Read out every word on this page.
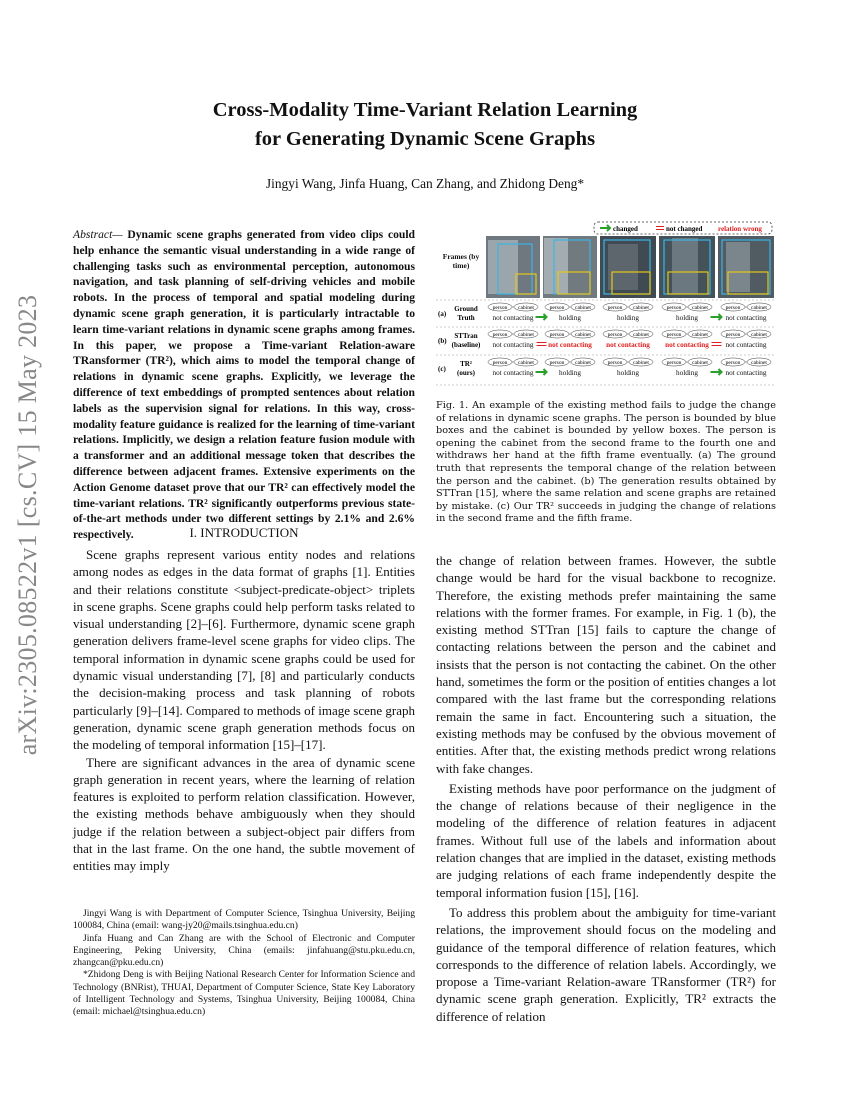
arXiv:2305.08522v1 [cs.CV] 15 May 2023
Cross-Modality Time-Variant Relation Learning
for Generating Dynamic Scene Graphs
Jingyi Wang, Jinfa Huang, Can Zhang, and Zhidong Deng*
Abstract— Dynamic scene graphs generated from video clips could help enhance the semantic visual understanding in a wide range of challenging tasks such as environmental perception, autonomous navigation, and task planning of self-driving vehicles and mobile robots. In the process of temporal and spatial modeling during dynamic scene graph generation, it is particularly intractable to learn time-variant relations in dynamic scene graphs among frames. In this paper, we propose a Time-variant Relation-aware TRansformer (TR²), which aims to model the temporal change of relations in dynamic scene graphs. Explicitly, we leverage the difference of text embeddings of prompted sentences about relation labels as the supervision signal for relations. In this way, cross-modality feature guidance is realized for the learning of time-variant relations. Implicitly, we design a relation feature fusion module with a transformer and an additional message token that describes the difference between adjacent frames. Extensive experiments on the Action Genome dataset prove that our TR² can effectively model the time-variant relations. TR² significantly outperforms previous state-of-the-art methods under two different settings by 2.1% and 2.6% respectively.	I. INTRODUCTION

Scene graphs represent various entity nodes and relations among nodes as edges in the data format of graphs [1]. Entities and their relations constitute <subject-predicate-object> triplets in scene graphs. Scene graphs could help perform tasks related to visual understanding [2]–[6]. Furthermore, dynamic scene graph generation delivers frame-level scene graphs for video clips. The temporal information in dynamic scene graphs could be used for dynamic visual understanding [7], [8] and particularly conducts the decision-making process and task planning of robots particularly [9]–[14]. Compared to methods of image scene graph generation, dynamic scene graph generation methods focus on the modeling of temporal information [15]–[17].

There are significant advances in the area of dynamic scene graph generation in recent years, where the learning of relation features is exploited to perform relation classification. However, the existing methods behave ambiguously when they should judge if the relation between a subject-object pair differs from that in the last frame. On the one hand, the subtle movement of entities may imply

Jingyi Wang is with Department of Computer Science, Tsinghua University, Beijing 100084, China (email: wang-jy20@mails.tsinghua.edu.cn)

Jinfa Huang and Can Zhang are with the School of Electronic and Computer Engineering, Peking University, China (emails: jinfahuang@stu.pku.edu.cn, zhangcan@pku.edu.cn)

*Zhidong Deng is with Beijing National Research Center for Information Science and Technology (BNRist), THUAI, Department of Computer Science, State Key Laboratory of Intelligent Technology and Systems, Tsinghua University, Beijing 100084, China (email: michael@tsinghua.edu.cn)

changed	not changed relation wrong
Frames (by time)
(a)
Ground
Truth
person cabinet
not contacting
person cabinet
holding
person cabinet
holding
person cabinet
holding
person cabinet
not contacting
(b)
STTran
(baseline)
person cabinet
not contacting
person cabinet
not contacting
person cabinet
not contacting
person cabinet
not contacting
person cabinet
not contacting
(c)
TR²
(ours)
person cabinet
not contacting
person cabinet
holding
person cabinet
holding
person cabinet
holding
person cabinet
not contacting
Fig. 1. An example of the existing method fails to judge the change of relations in dynamic scene graphs. The person is bounded by blue boxes and the cabinet is bounded by yellow boxes. The person is opening the cabinet from the second frame to the fourth one and withdraws her hand at the fifth frame eventually. (a) The ground truth that represents the temporal change of the relation between the person and the cabinet. (b) The generation results obtained by STTran [15], where the same relation and scene graphs are retained by mistake. (c) Our TR² succeeds in judging the change of relations in the second frame and the fifth frame.

the change of relation between frames. However, the subtle change would be hard for the visual backbone to recognize. Therefore, the existing methods prefer maintaining the same relations with the former frames. For example, in Fig. 1 (b), the existing method STTran [15] fails to capture the change of contacting relations between the person and the cabinet and insists that the person is not contacting the cabinet. On the other hand, sometimes the form or the position of entities changes a lot compared with the last frame but the corresponding relations remain the same in fact. Encountering such a situation, the existing methods may be confused by the obvious movement of entities. After that, the existing methods predict wrong relations with fake changes.

Existing methods have poor performance on the judgment of the change of relations because of their negligence in the modeling of the difference of relation features in adjacent frames. Without full use of the labels and information about relation changes that are implied in the dataset, existing methods are judging relations of each frame independently despite the temporal information fusion [15], [16].

To address this problem about the ambiguity for time-variant relations, the improvement should focus on the modeling and guidance of the temporal difference of relation features, which corresponds to the difference of relation labels. Accordingly, we propose a Time-variant Relation-aware TRansformer (TR²) for dynamic scene graph generation. Explicitly, TR² extracts the difference of relation
